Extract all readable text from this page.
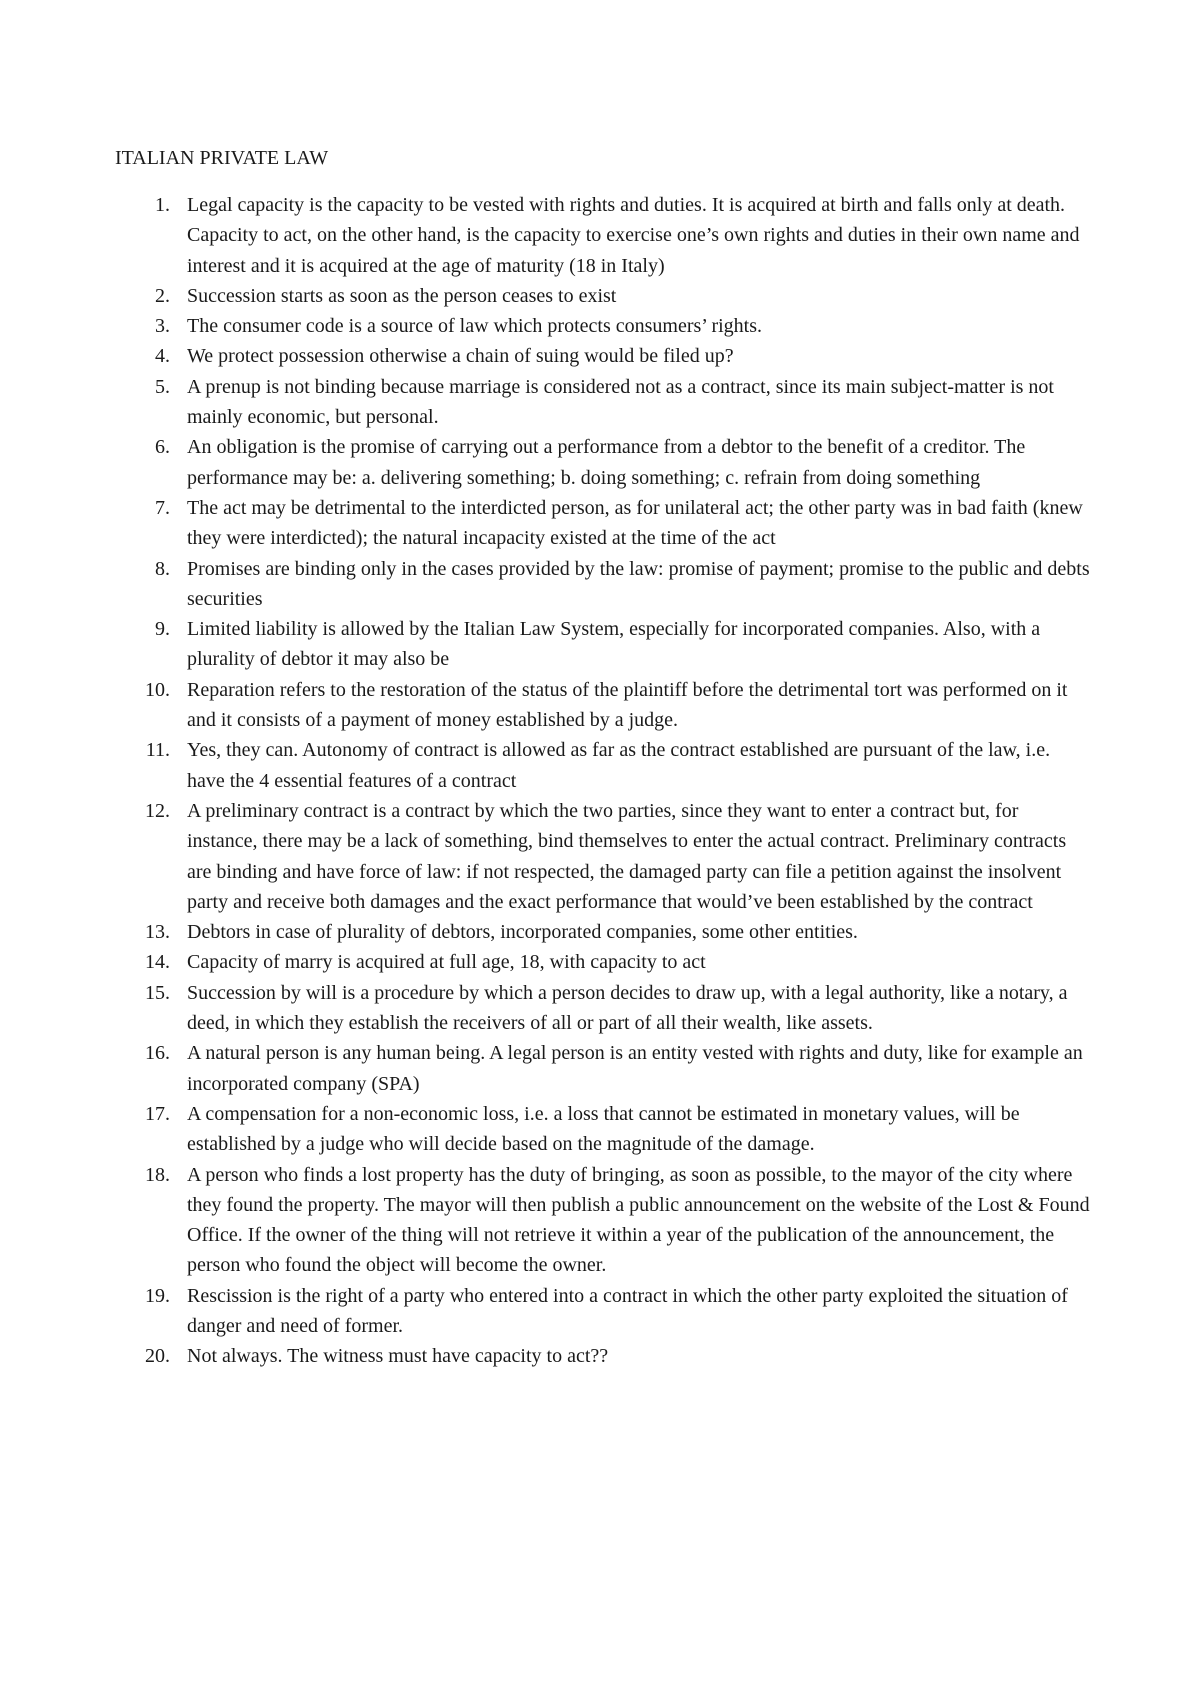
ITALIAN PRIVATE LAW
1. Legal capacity is the capacity to be vested with rights and duties. It is acquired at birth and falls only at death. Capacity to act, on the other hand, is the capacity to exercise one’s own rights and duties in their own name and interest and it is acquired at the age of maturity (18 in Italy)

2. Succession starts as soon as the person ceases to exist

3. The consumer code is a source of law which protects consumers’ rights.

4. We protect possession otherwise a chain of suing would be filed up?

5. A prenup is not binding because marriage is considered not as a contract, since its main subject-matter is not mainly economic, but personal.

6. An obligation is the promise of carrying out a performance from a debtor to the benefit of a creditor. The performance may be: a. delivering something; b. doing something; c. refrain from doing something

7. The act may be detrimental to the interdicted person, as for unilateral act; the other party was in bad faith (knew they were interdicted); the natural incapacity existed at the time of the act

8. Promises are binding only in the cases provided by the law: promise of payment; promise to the public and debts securities

9. Limited liability is allowed by the Italian Law System, especially for incorporated companies. Also, with a plurality of debtor it may also be

10. Reparation refers to the restoration of the status of the plaintiff before the detrimental tort was performed on it and it consists of a payment of money established by a judge.

11. Yes, they can. Autonomy of contract is allowed as far as the contract established are pursuant of the law, i.e. have the 4 essential features of a contract

12. A preliminary contract is a contract by which the two parties, since they want to enter a contract but, for instance, there may be a lack of something, bind themselves to enter the actual contract. Preliminary contracts are binding and have force of law: if not respected, the damaged party can file a petition against the insolvent party and receive both damages and the exact performance that would’ve been established by the contract

13. Debtors in case of plurality of debtors, incorporated companies, some other entities.

14. Capacity of marry is acquired at full age, 18, with capacity to act

15. Succession by will is a procedure by which a person decides to draw up, with a legal authority, like a notary, a deed, in which they establish the receivers of all or part of all their wealth, like assets.

16. A natural person is any human being. A legal person is an entity vested with rights and duty, like for example an incorporated company (SPA)

17. A compensation for a non-economic loss, i.e. a loss that cannot be estimated in monetary values, will be established by a judge who will decide based on the magnitude of the damage.

18. A person who finds a lost property has the duty of bringing, as soon as possible, to the mayor of the city where they found the property. The mayor will then publish a public announcement on the website of the Lost & Found Office. If the owner of the thing will not retrieve it within a year of the publication of the announcement, the person who found the object will become the owner.

19. Rescission is the right of a party who entered into a contract in which the other party exploited the situation of danger and need of former.

20. Not always. The witness must have capacity to act??
